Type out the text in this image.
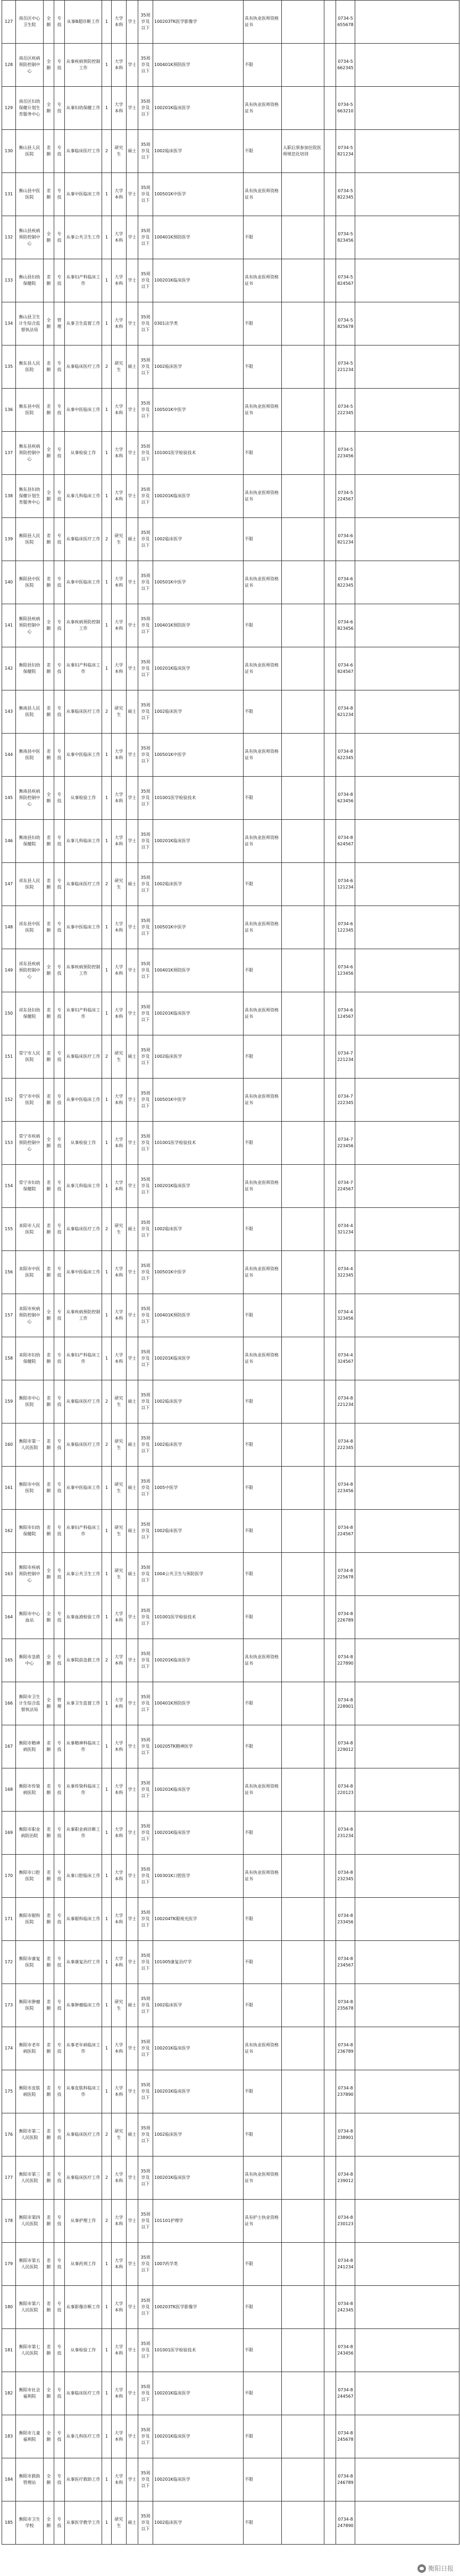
127	南岳区中心卫生院	全额	专技	从事B超诊断工作	1	大学本科	学士	35周岁及以下	100203TK医学影像学	具有执业医师资格证书			0734-5655678	
128	南岳区疾病预防控制中心	全额	专技	从事疾病预防控制工作	1	大学本科	学士	35周岁及以下	100401K预防医学	不限			0734-5662345	
129	南岳区妇幼保健计划生育服务中心	全额	专技	从事妇幼保健工作	1	大学本科	学士	35周岁及以下	100201K临床医学	具有执业医师资格证书			0734-5663210	
130	衡山县人民医院	差额	专技	从事临床医疗工作	2	研究生	硕士	35周岁及以下	1002临床医学	不限	入职后须参加住院医师规范化培训		0734-5821234	
131	衡山县中医医院	差额	专技	从事中医临床工作	1	大学本科	学士	35周岁及以下	100501K中医学	具有执业医师资格证书			0734-5822345	
132	衡山县疾病预防控制中心	全额	专技	从事公共卫生工作	1	大学本科	学士	35周岁及以下	100401K预防医学	不限			0734-5823456	
133	衡山县妇幼保健院	差额	专技	从事妇产科临床工作	1	大学本科	学士	35周岁及以下	100201K临床医学	具有执业医师资格证书			0734-5824567	
134	衡山县卫生计生综合监督执法局	全额	管理	从事卫生监督工作	1	大学本科	学士	35周岁及以下	0301法学类	不限			0734-5825678	
135	衡东县人民医院	差额	专技	从事临床医疗工作	2	研究生	硕士	35周岁及以下	1002临床医学	不限			0734-5221234	
136	衡东县中医医院	差额	专技	从事中医临床工作	1	大学本科	学士	35周岁及以下	100501K中医学	具有执业医师资格证书			0734-5222345	
137	衡东县疾病预防控制中心	全额	专技	从事检验工作	1	大学本科	学士	35周岁及以下	101001医学检验技术	不限			0734-5223456	
138	衡东县妇幼保健计划生育服务中心	全额	专技	从事儿科临床工作	1	大学本科	学士	35周岁及以下	100201K临床医学	具有执业医师资格证书			0734-5224567	
139	衡阳县人民医院	差额	专技	从事临床医疗工作	2	研究生	硕士	35周岁及以下	1002临床医学	不限			0734-6821234	
140	衡阳县中医医院	差额	专技	从事中医临床工作	1	大学本科	学士	35周岁及以下	100501K中医学	具有执业医师资格证书			0734-6822345	
141	衡阳县疾病预防控制中心	全额	专技	从事疾病预防控制工作	1	大学本科	学士	35周岁及以下	100401K预防医学	不限			0734-6823456	
142	衡阳县妇幼保健院	差额	专技	从事妇产科临床工作	1	大学本科	学士	35周岁及以下	100201K临床医学	具有执业医师资格证书			0734-6824567	
143	衡南县人民医院	差额	专技	从事临床医疗工作	2	研究生	硕士	35周岁及以下	1002临床医学	不限			0734-8621234	
144	衡南县中医医院	差额	专技	从事中医临床工作	1	大学本科	学士	35周岁及以下	100501K中医学	具有执业医师资格证书			0734-8622345	
145	衡南县疾病预防控制中心	全额	专技	从事检验工作	1	大学本科	学士	35周岁及以下	101001医学检验技术	不限			0734-8623456	
146	衡南县妇幼保健院	差额	专技	从事儿科临床工作	1	大学本科	学士	35周岁及以下	100201K临床医学	具有执业医师资格证书			0734-8624567	
147	祁东县人民医院	差额	专技	从事临床医疗工作	2	研究生	硕士	35周岁及以下	1002临床医学	不限			0734-6121234	
148	祁东县中医医院	差额	专技	从事中医临床工作	1	大学本科	学士	35周岁及以下	100501K中医学	具有执业医师资格证书			0734-6122345	
149	祁东县疾病预防控制中心	全额	专技	从事疾病预防控制工作	1	大学本科	学士	35周岁及以下	100401K预防医学	不限			0734-6123456	
150	祁东县妇幼保健院	差额	专技	从事妇产科临床工作	1	大学本科	学士	35周岁及以下	100201K临床医学	具有执业医师资格证书			0734-6124567	
151	常宁市人民医院	差额	专技	从事临床医疗工作	2	研究生	硕士	35周岁及以下	1002临床医学	不限			0734-7221234	
152	常宁市中医医院	差额	专技	从事中医临床工作	1	大学本科	学士	35周岁及以下	100501K中医学	具有执业医师资格证书			0734-7222345	
153	常宁市疾病预防控制中心	全额	专技	从事检验工作	1	大学本科	学士	35周岁及以下	101001医学检验技术	不限			0734-7223456	
154	常宁市妇幼保健院	差额	专技	从事儿科临床工作	1	大学本科	学士	35周岁及以下	100201K临床医学	具有执业医师资格证书			0734-7224567	
155	耒阳市人民医院	差额	专技	从事临床医疗工作	2	研究生	硕士	35周岁及以下	1002临床医学	不限			0734-4321234	
156	耒阳市中医医院	差额	专技	从事中医临床工作	1	大学本科	学士	35周岁及以下	100501K中医学	具有执业医师资格证书			0734-4322345	
157	耒阳市疾病预防控制中心	全额	专技	从事疾病预防控制工作	1	大学本科	学士	35周岁及以下	100401K预防医学	不限			0734-4323456	
158	耒阳市妇幼保健院	差额	专技	从事妇产科临床工作	1	大学本科	学士	35周岁及以下	100201K临床医学	具有执业医师资格证书			0734-4324567	
159	衡阳市中心医院	差额	专技	从事临床医疗工作	2	研究生	硕士	35周岁及以下	1002临床医学	不限			0734-8221234	
160	衡阳市第一人民医院	差额	专技	从事临床医疗工作	2	研究生	硕士	35周岁及以下	1002临床医学	不限			0734-8222345	
161	衡阳市中医医院	差额	专技	从事中医临床工作	1	研究生	硕士	35周岁及以下	1005中医学	不限			0734-8223456	
162	衡阳市妇幼保健院	差额	专技	从事妇产科临床工作	1	研究生	硕士	35周岁及以下	1002临床医学	不限			0734-8224567	
163	衡阳市疾病预防控制中心	全额	专技	从事公共卫生工作	1	研究生	硕士	35周岁及以下	1004公共卫生与预防医学	不限			0734-8225678	
164	衡阳市中心血站	全额	专技	从事血液检验工作	1	大学本科	学士	35周岁及以下	101001医学检验技术	不限			0734-8226789	
165	衡阳市急救中心	全额	专技	从事院前急救工作	2	大学本科	学士	35周岁及以下	100201K临床医学	具有执业医师资格证书			0734-8227890	
166	衡阳市卫生计生综合监督执法局	全额	管理	从事卫生监督工作	1	大学本科	学士	35周岁及以下	100401K预防医学	不限			0734-8228901	
167	衡阳市精神病医院	差额	专技	从事精神科临床工作	1	大学本科	学士	35周岁及以下	100205TK精神医学	不限			0734-8229012	
168	衡阳市传染病医院	差额	专技	从事传染科临床工作	1	大学本科	学士	35周岁及以下	100201K临床医学	具有执业医师资格证书			0734-8220123	
169	衡阳市职业病防治院	差额	专技	从事职业病诊断工作	1	大学本科	学士	35周岁及以下	100201K临床医学	不限			0734-8231234	
170	衡阳市口腔医院	差额	专技	从事口腔临床工作	1	大学本科	学士	35周岁及以下	100301K口腔医学	具有执业医师资格证书			0734-8232345	
171	衡阳市眼科医院	差额	专技	从事眼科临床工作	1	大学本科	学士	35周岁及以下	100204TK眼视光医学	不限			0734-8233456	
172	衡阳市康复医院	差额	专技	从事康复治疗工作	1	大学本科	学士	35周岁及以下	101005康复治疗学	不限			0734-8234567	
173	衡阳市肿瘤医院	差额	专技	从事肿瘤临床工作	1	研究生	硕士	35周岁及以下	1002临床医学	不限			0734-8235678	
174	衡阳市老年病医院	差额	专技	从事老年病临床工作	1	大学本科	学士	35周岁及以下	100201K临床医学	具有执业医师资格证书			0734-8236789	
175	衡阳市皮肤病医院	差额	专技	从事皮肤科临床工作	1	大学本科	学士	35周岁及以下	100201K临床医学	不限			0734-8237890	
176	衡阳市第二人民医院	差额	专技	从事临床医疗工作	2	研究生	硕士	35周岁及以下	1002临床医学	不限			0734-8238901	
177	衡阳市第三人民医院	差额	专技	从事临床医疗工作	2	大学本科	学士	35周岁及以下	100201K临床医学	具有执业医师资格证书			0734-8239012	
178	衡阳市第四人民医院	差额	专技	从事护理工作	2	大学本科	学士	35周岁及以下	101101护理学	具有护士执业资格证书			0734-8230123	
179	衡阳市第五人民医院	差额	专技	从事药剂工作	1	大学本科	学士	35周岁及以下	1007药学类	不限			0734-8241234	
180	衡阳市第六人民医院	差额	专技	从事影像诊断工作	1	大学本科	学士	35周岁及以下	100203TK医学影像学	不限			0734-8242345	
181	衡阳市第七人民医院	差额	专技	从事检验工作	1	大学本科	学士	35周岁及以下	101001医学检验技术	不限			0734-8243456	
182	衡阳市社会福利院	全额	专技	从事临床医疗工作	1	大学本科	学士	35周岁及以下	100201K临床医学	不限			0734-8244567	
183	衡阳市儿童福利院	全额	专技	从事儿科医疗工作	1	大学本科	学士	35周岁及以下	100201K临床医学	不限			0734-8245678	
184	衡阳市救助管理站	全额	专技	从事医疗救助工作	1	大学本科	学士	35周岁及以下	100201K临床医学	不限			0734-8246789	
185	衡阳市卫生学校	全额	专技	从事医学教学工作	1	研究生	硕士	35周岁及以下	1002临床医学	不限			0734-8247890	
衡阳日报
